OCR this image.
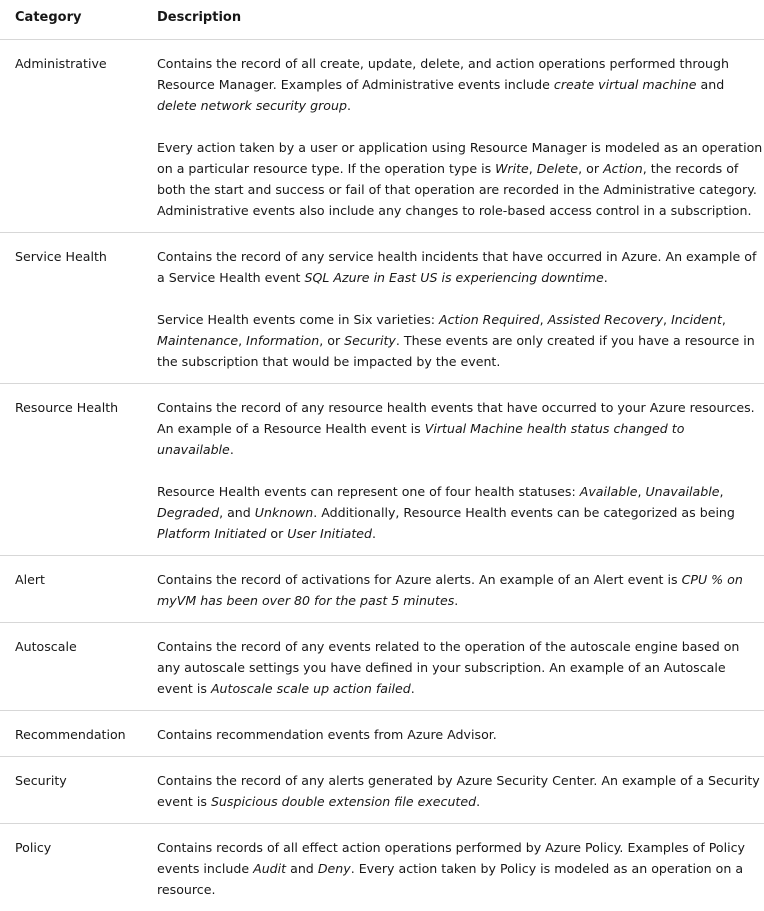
Category	Description
Administrative	Contains the record of all create, update, delete, and action operations performed through Resource Manager. Examples of Administrative events include create virtual machine and delete network security group.

Every action taken by a user or application using Resource Manager is modeled as an operation on a particular resource type. If the operation type is Write, Delete, or Action, the records of both the start and success or fail of that operation are recorded in the Administrative category. Administrative events also include any changes to role-based access control in a subscription.

Service Health	Contains the record of any service health incidents that have occurred in Azure. An example of a Service Health event SQL Azure in East US is experiencing downtime.

Service Health events come in Six varieties: Action Required, Assisted Recovery, Incident, Maintenance, Information, or Security. These events are only created if you have a resource in the subscription that would be impacted by the event.

Resource Health	Contains the record of any resource health events that have occurred to your Azure resources. An example of a Resource Health event is Virtual Machine health status changed to unavailable.

Resource Health events can represent one of four health statuses: Available, Unavailable, Degraded, and Unknown. Additionally, Resource Health events can be categorized as being Platform Initiated or User Initiated.

Alert	Contains the record of activations for Azure alerts. An example of an Alert event is CPU % on myVM has been over 80 for the past 5 minutes.

Autoscale	Contains the record of any events related to the operation of the autoscale engine based on any autoscale settings you have defined in your subscription. An example of an Autoscale event is Autoscale scale up action failed.

Recommendation	Contains recommendation events from Azure Advisor.

Security	Contains the record of any alerts generated by Azure Security Center. An example of a Security event is Suspicious double extension file executed.

Policy	Contains records of all effect action operations performed by Azure Policy. Examples of Policy events include Audit and Deny. Every action taken by Policy is modeled as an operation on a resource.
